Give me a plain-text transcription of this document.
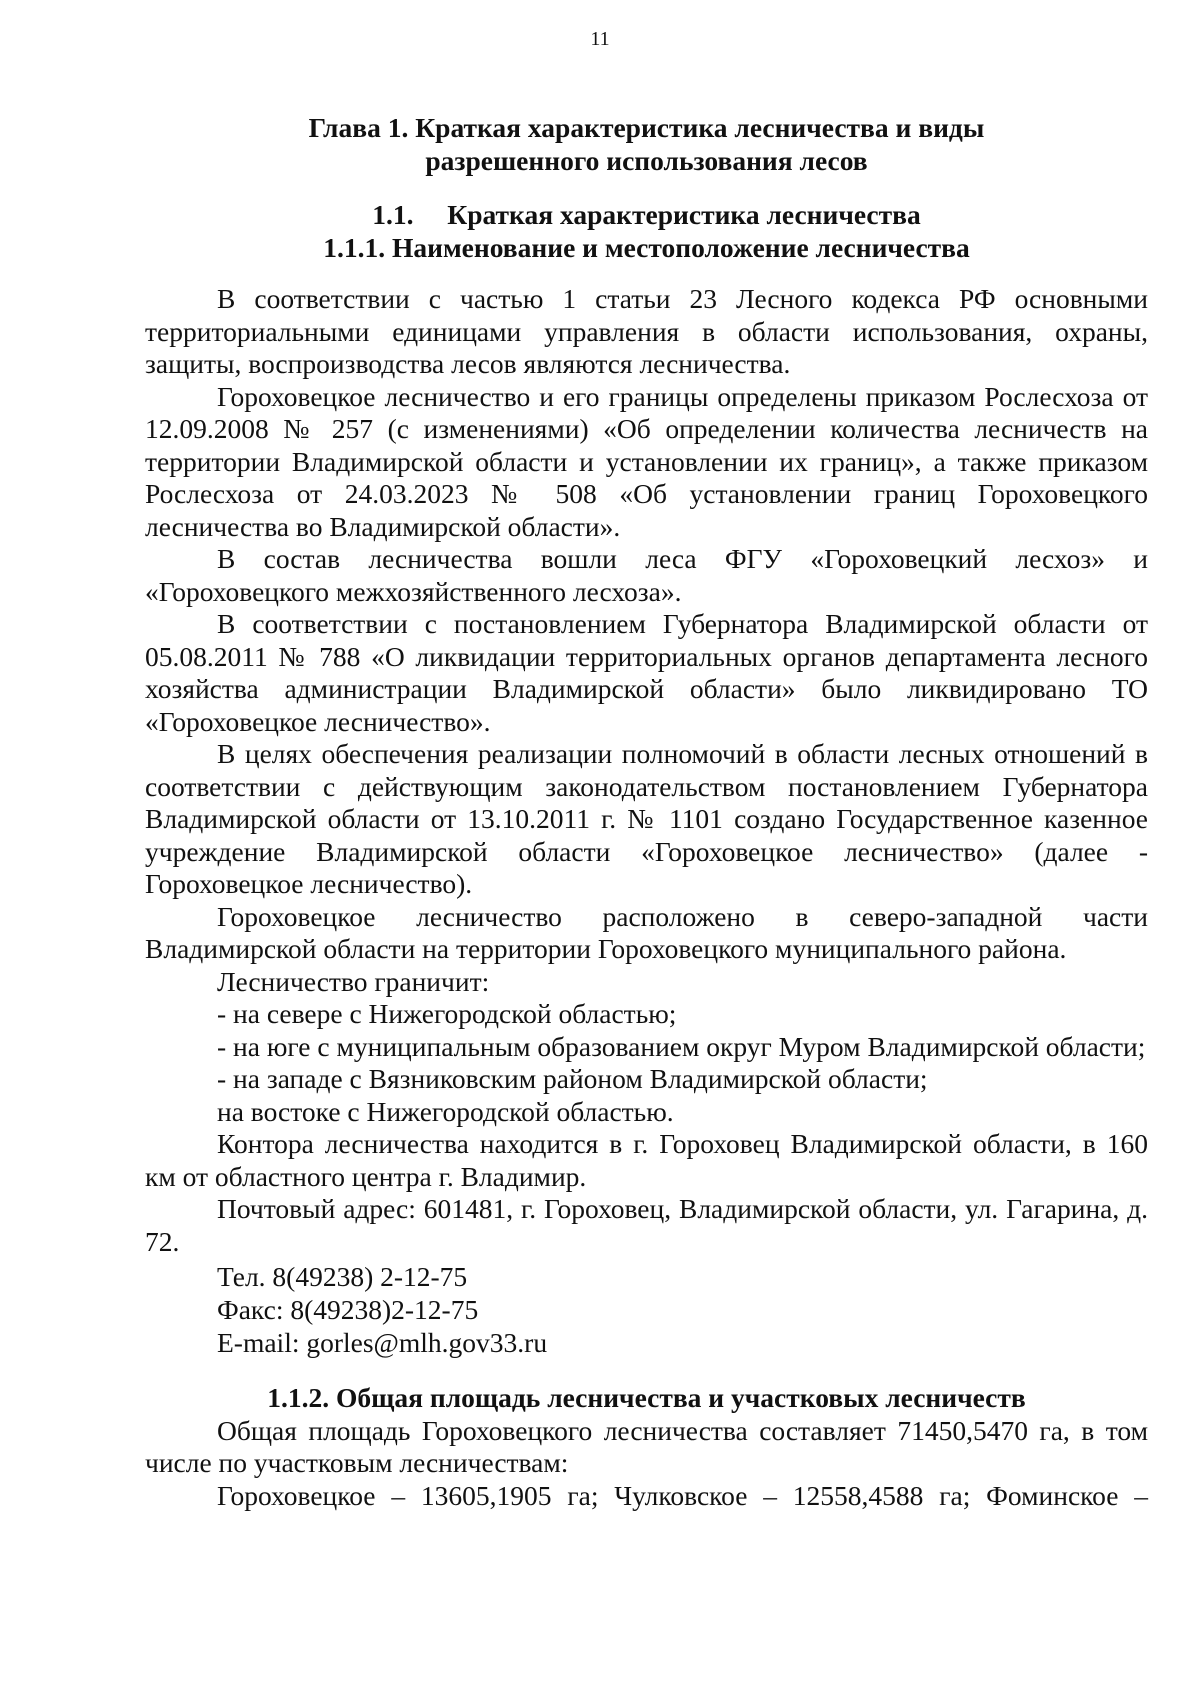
11
Глава 1. Краткая характеристика лесничества и виды
разрешенного использования лесов
1.1. Краткая характеристика лесничества
1.1.1. Наименование и местоположение лесничества

В соответствии с частью 1 статьи 23 Лесного кодекса РФ основными территориальными единицами управления в области использования, охраны, защиты, воспроизводства лесов являются лесничества.

Гороховецкое лесничество и его границы определены приказом Рослесхоза от 12.09.2008 № 257 (с изменениями) «Об определении количества лесничеств на территории Владимирской области и установлении их границ», а также приказом Рослесхоза от 24.03.2023 № 508 «Об установлении границ Гороховецкого лесничества во Владимирской области».

В состав лесничества вошли леса ФГУ «Гороховецкий лесхоз» и «Гороховецкого межхозяйственного лесхоза».

В соответствии с постановлением Губернатора Владимирской области от 05.08.2011 № 788 «О ликвидации территориальных органов департамента лесного хозяйства администрации Владимирской области» было ликвидировано ТО «Гороховецкое лесничество».

В целях обеспечения реализации полномочий в области лесных отношений в соответствии с действующим законодательством постановлением Губернатора Владимирской области от 13.10.2011 г. № 1101 создано Государственное казенное учреждение Владимирской области «Гороховецкое лесничество» (далее - Гороховецкое лесничество).

Гороховецкое лесничество расположено в северо-западной части Владимирской области на территории Гороховецкого муниципального района.

Лесничество граничит:

- на севере с Нижегородской областью;

- на юге с муниципальным образованием округ Муром Владимирской области;

- на западе с Вязниковским районом Владимирской области;

на востоке с Нижегородской областью.

Контора лесничества находится в г. Гороховец Владимирской области, в 160 км от областного центра г. Владимир.

Почтовый адрес: 601481, г. Гороховец, Владимирской области, ул. Гагарина, д. 72.

Тел. 8(49238) 2-12-75

Факс: 8(49238)2-12-75

E-mail: gorles@mlh.gov33.ru

1.1.2. Общая площадь лесничества и участковых лесничеств

Общая площадь Гороховецкого лесничества составляет 71450,5470 га, в том числе по участковым лесничествам:

Гороховецкое – 13605,1905 га; Чулковское – 12558,4588 га; Фоминское –
